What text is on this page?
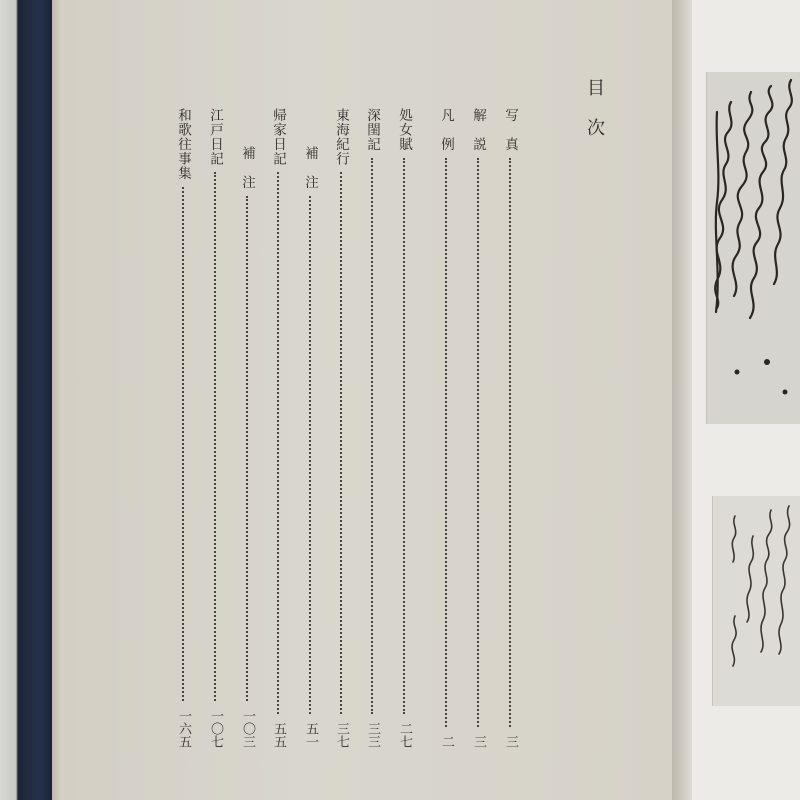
目次
写　真
三
解　説
三
凡　例
二
処女賦
二七
深閨記
三三
東海紀行
三七
補　注
五一
帰家日記
五五
補　注
一〇三
江戸日記
一〇七
和歌往事集
一六五
